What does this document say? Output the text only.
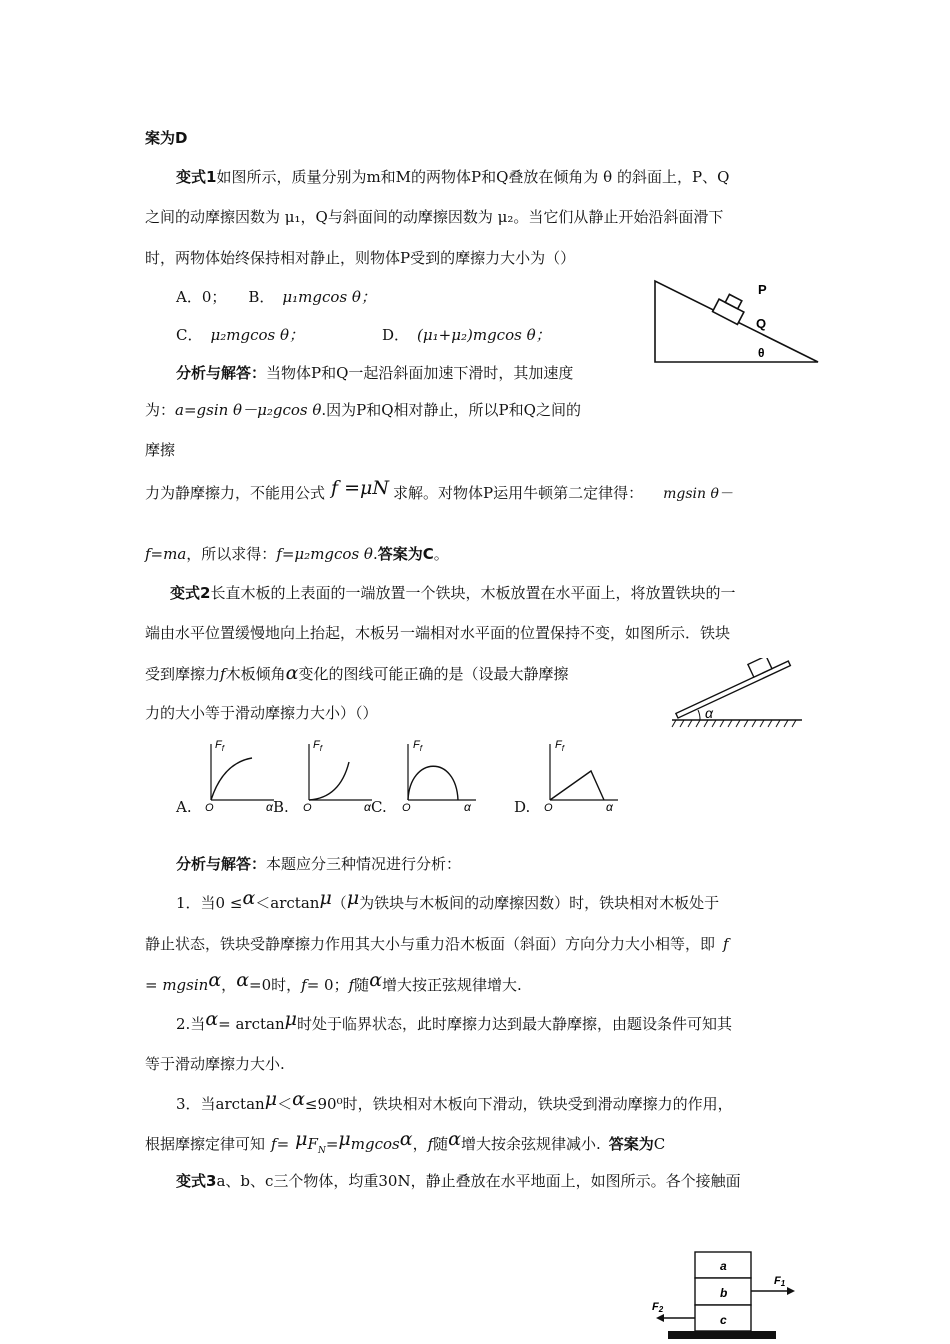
案为D
变式1如图所示，质量分别为m和M的两物体P和Q叠放在倾角为 θ 的斜面上，P、Q
之间的动摩擦因数为 μ₁，Q与斜面间的动摩擦因数为 μ₂。当它们从静止开始沿斜面滑下
时，两物体始终保持相对静止，则物体P受到的摩擦力大小为（）
A．0； B． μ₁mgcos θ；
C． μ₂mgcos θ；	D． (μ₁+μ₂)mgcos θ；
P
Q
θ
分析与解答：当物体P和Q一起沿斜面加速下滑时，其加速度
为：a=gsin θ－μ₂gcos θ.因为P和Q相对静止，所以P和Q之间的
摩擦
力为静摩擦力，不能用公式 f =μN 求解。对物体P运用牛顿第二定律得： mgsin θ－
f=ma，所以求得：f=μ₂mgcos θ.答案为C。
变式2长直木板的上表面的一端放置一个铁块，木板放置在水平面上，将放置铁块的一
端由水平位置缓慢地向上抬起，木板另一端相对水平面的位置保持不变，如图所示．铁块
受到摩擦力f木板倾角α变化的图线可能正确的是（设最大静摩擦
力的大小等于滑动摩擦力大小）（）	α
A.	B.	C.	D.
$F_f$
O	α
$F_f$
O	α
$F_f$
O	α
$F_f$
O	α
分析与解答：本题应分三种情况进行分析：
1．当0 ≤α＜arctanμ（μ为铁块与木板间的动摩擦因数）时，铁块相对木板处于
静止状态，铁块受静摩擦力作用其大小与重力沿木板面（斜面）方向分力大小相等，即 f
= mgsinα，α=0时，f= 0；f随α增大按正弦规律增大.
2.当α= arctanμ时处于临界状态，此时摩擦力达到最大静摩擦，由题设条件可知其
等于滑动摩擦力大小.
3．当arctanμ＜α≤90⁰时，铁块相对木板向下滑动，铁块受到滑动摩擦力的作用，
根据摩擦定律可知 $f= \mu F_N=\mu mgcos\alpha$，f随α增大按余弦规律减小. 答案为C
变式3a、b、c三个物体，均重30N，静止叠放在水平地面上，如图所示。各个接触面
a
b
c
F1
F2
